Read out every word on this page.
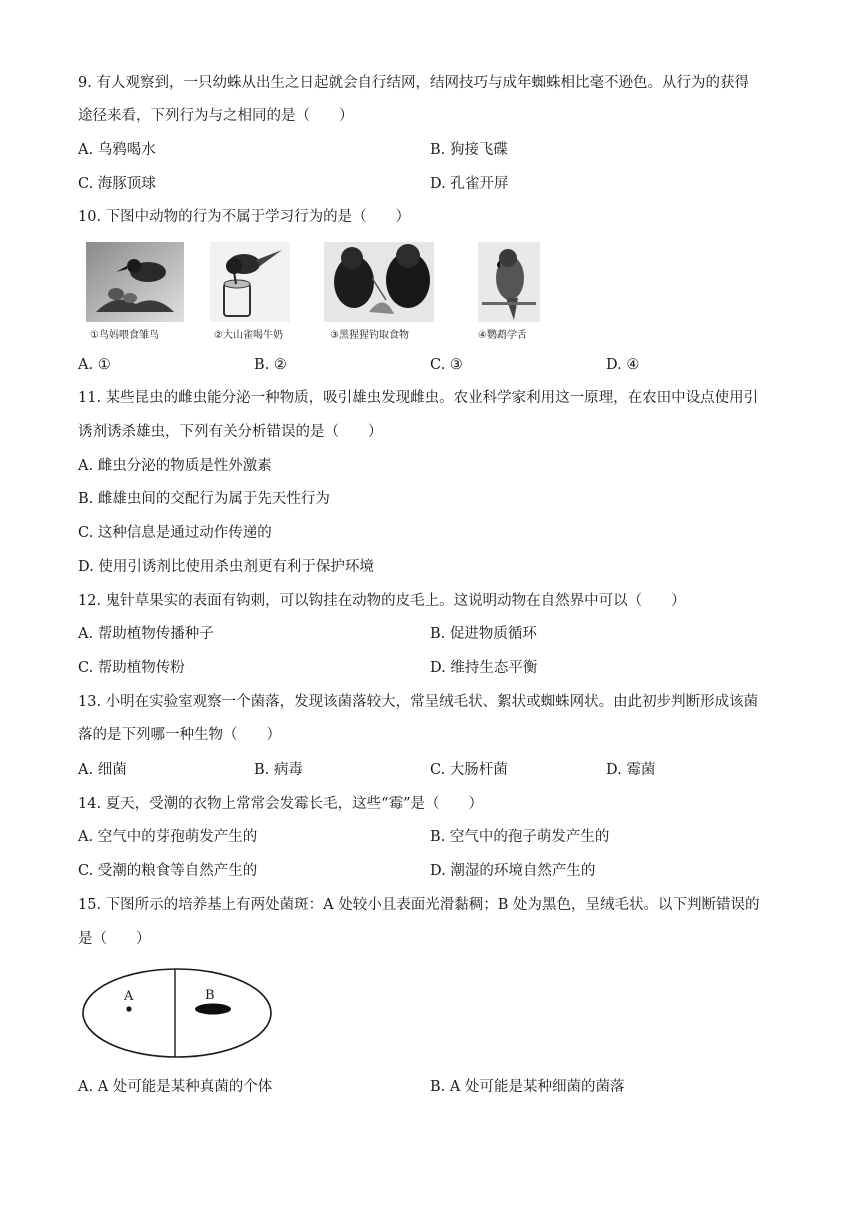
9. 有人观察到，一只幼蛛从出生之日起就会自行结网，结网技巧与成年蜘蛛相比毫不逊色。从行为的获得
途径来看，下列行为与之相同的是（　　）
A. 乌鸦喝水	B. 狗接飞碟
C. 海豚顶球	D. 孔雀开屏
10. 下图中动物的行为不属于学习行为的是（　　）
①鸟妈喂食雏鸟	②大山雀喝牛奶	③黑猩猩钓取食物	④鹦鹉学舌
A. ①	B. ②	C. ③	D. ④
11. 某些昆虫的雌虫能分泌一种物质，吸引雄虫发现雌虫。农业科学家利用这一原理，在农田中设点使用引
诱剂诱杀雄虫，下列有关分析错误的是（　　）
A. 雌虫分泌的物质是性外激素
B. 雌雄虫间的交配行为属于先天性行为
C. 这种信息是通过动作传递的
D. 使用引诱剂比使用杀虫剂更有利于保护环境
12. 鬼针草果实的表面有钩刺，可以钩挂在动物的皮毛上。这说明动物在自然界中可以（　　）
A. 帮助植物传播种子	B. 促进物质循环
C. 帮助植物传粉	D. 维持生态平衡
13. 小明在实验室观察一个菌落，发现该菌落较大，常呈绒毛状、絮状或蜘蛛网状。由此初步判断形成该菌
落的是下列哪一种生物（　　）
A. 细菌	B. 病毒	C. 大肠杆菌	D. 霉菌
14. 夏天，受潮的衣物上常常会发霉长毛，这些“霉”是（　　）
A. 空气中的芽孢萌发产生的	B. 空气中的孢子萌发产生的
C. 受潮的粮食等自然产生的	D. 潮湿的环境自然产生的
15. 下图所示的培养基上有两处菌斑：A 处较小且表面光滑黏稠；B 处为黑色，呈绒毛状。以下判断错误的
是（　　）
A	B
A. A 处可能是某种真菌的个体	B. A 处可能是某种细菌的菌落
